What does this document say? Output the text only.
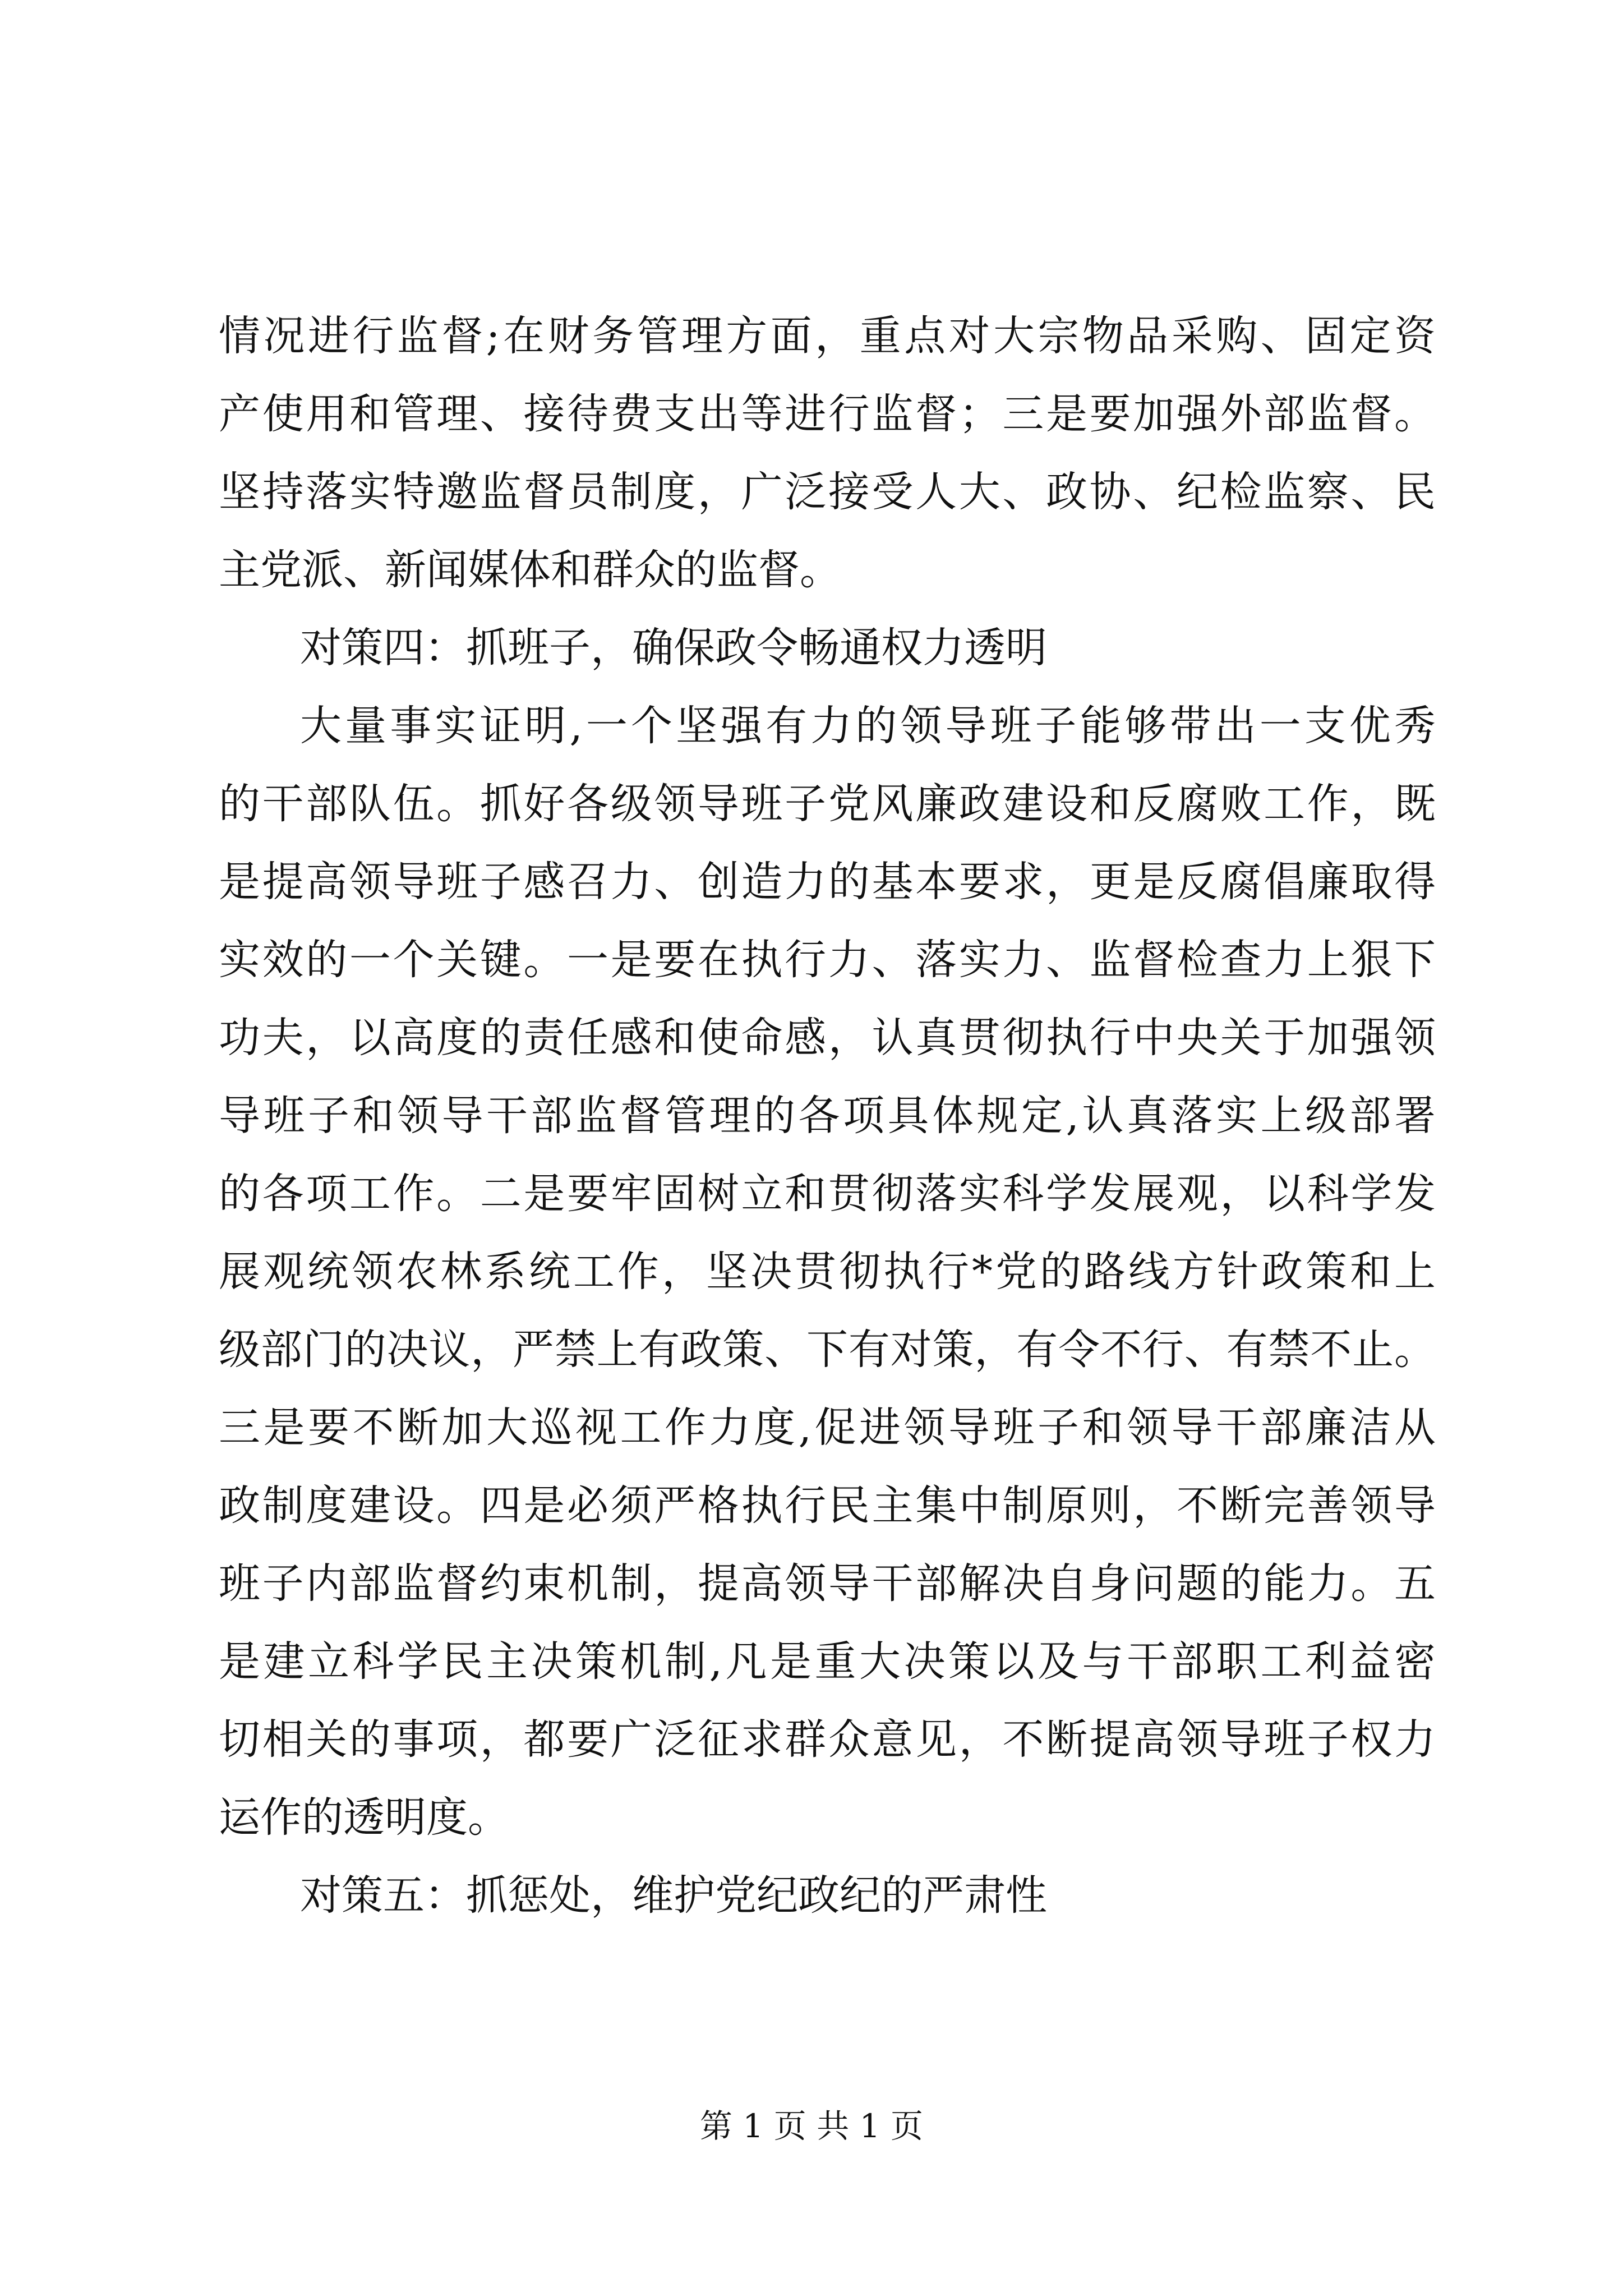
情况进行监督;在财务管理方面，重点对大宗物品采购、固定资
产使用和管理、接待费支出等进行监督；三是要加强外部监督。
坚持落实特邀监督员制度，广泛接受人大、政协、纪检监察、民
主党派、新闻媒体和群众的监督。
对策四：抓班子，确保政令畅通权力透明
大量事实证明,一个坚强有力的领导班子能够带出一支优秀
的干部队伍。抓好各级领导班子党风廉政建设和反腐败工作，既
是提高领导班子感召力、创造力的基本要求，更是反腐倡廉取得
实效的一个关键。一是要在执行力、落实力、监督检查力上狠下
功夫，以高度的责任感和使命感，认真贯彻执行中央关于加强领
导班子和领导干部监督管理的各项具体规定,认真落实上级部署
的各项工作。二是要牢固树立和贯彻落实科学发展观，以科学发
展观统领农林系统工作，坚决贯彻执行*党的路线方针政策和上
级部门的决议，严禁上有政策、下有对策，有令不行、有禁不止。
三是要不断加大巡视工作力度,促进领导班子和领导干部廉洁从
政制度建设。四是必须严格执行民主集中制原则，不断完善领导
班子内部监督约束机制，提高领导干部解决自身问题的能力。五
是建立科学民主决策机制,凡是重大决策以及与干部职工利益密
切相关的事项，都要广泛征求群众意见，不断提高领导班子权力
运作的透明度。
对策五：抓惩处，维护党纪政纪的严肃性
第 1 页 共 1 页
